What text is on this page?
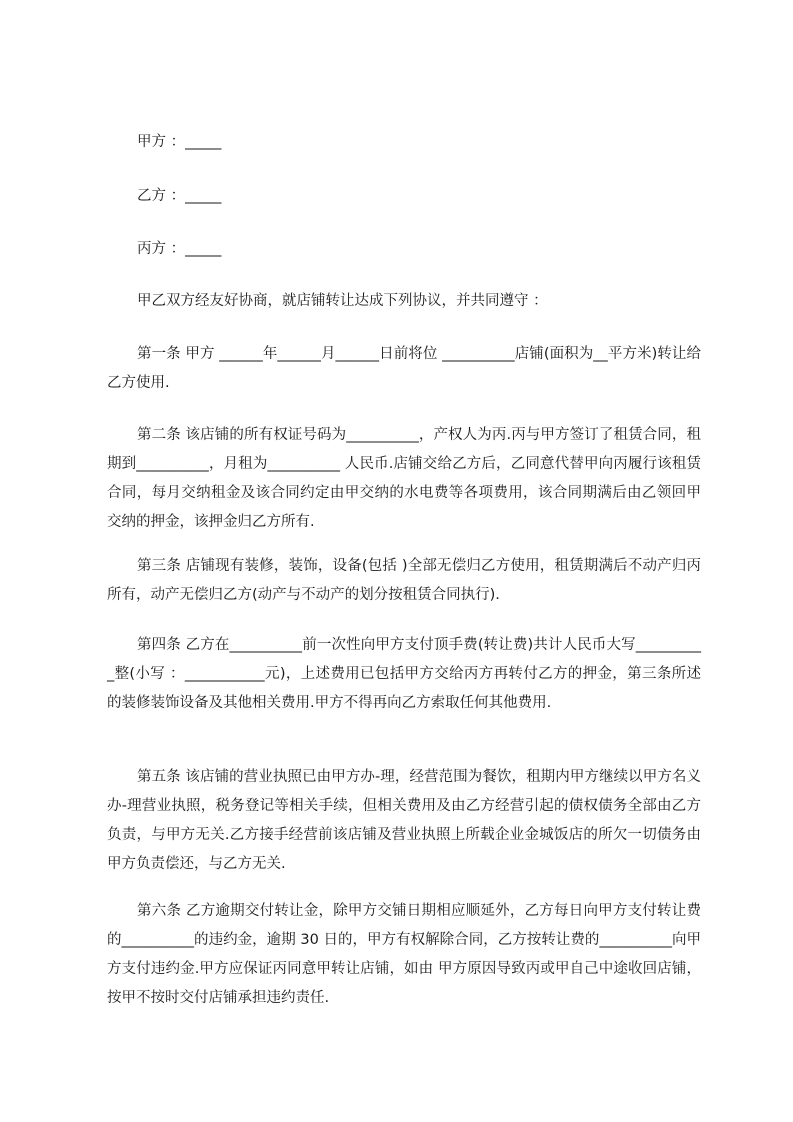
甲方 ：_____
乙方 ：_____
丙方 ：_____

甲乙双方经友好协商，就店铺转让达成下列协议，并共同遵守 ：

第一条 甲方 ______年______月______日前将位 __________店铺(面积为__平方米)转让给乙方使用.

第二条 该店铺的所有权证号码为__________，产权人为丙.丙与甲方签订了租赁合同，租期到__________，月租为__________ 人民币.店铺交给乙方后，乙同意代替甲向丙履行该租赁合同，每月交纳租金及该合同约定由甲交纳的水电费等各项费用，该合同期满后由乙领回甲交纳的押金，该押金归乙方所有.

第三条 店铺现有装修，装饰，设备(包括 )全部无偿归乙方使用，租赁期满后不动产归丙所有，动产无偿归乙方(动产与不动产的划分按租赁合同执行).

第四条 乙方在__________前一次性向甲方支付顶手费(转让费)共计人民币大写__________整(小写 ：___________元)，上述费用已包括甲方交给丙方再转付乙方的押金，第三条所述的装修装饰设备及其他相关费用.甲方不得再向乙方索取任何其他费用.

第五条 该店铺的营业执照已由甲方办-理，经营范围为餐饮，租期内甲方继续以甲方名义办-理营业执照，税务登记等相关手续，但相关费用及由乙方经营引起的债权债务全部由乙方负责，与甲方无关.乙方接手经营前该店铺及营业执照上所载企业金城饭店的所欠一切债务由甲方负责偿还，与乙方无关.

第六条 乙方逾期交付转让金，除甲方交铺日期相应顺延外，乙方每日向甲方支付转让费的__________的违约金，逾期 30 日的，甲方有权解除合同，乙方按转让费的__________向甲方支付违约金.甲方应保证丙同意甲转让店铺，如由 甲方原因导致丙或甲自己中途收回店铺，按甲不按时交付店铺承担违约责任.
